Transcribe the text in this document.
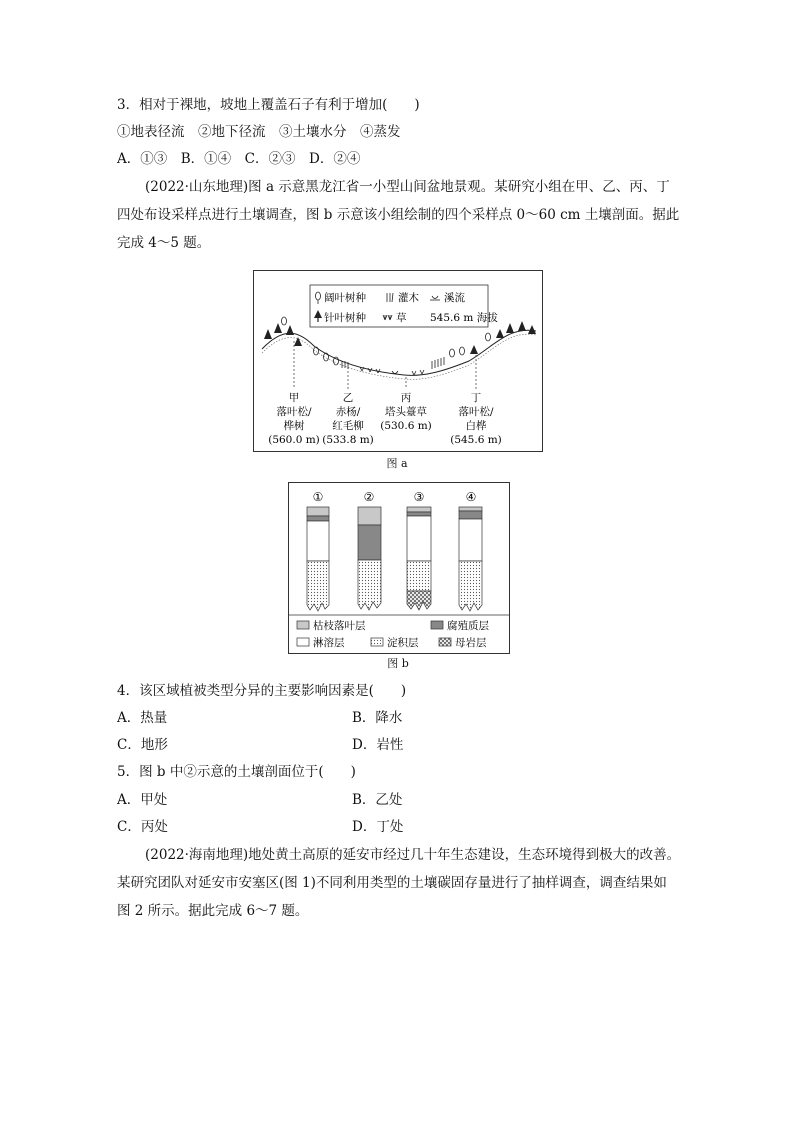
3．相对于裸地，坡地上覆盖石子有利于增加(　　)
①地表径流　②地下径流　③土壤水分　④蒸发
A．①③　B．①④　C．②③　D．②④
(2022·山东地理)图 a 示意黑龙江省一小型山间盆地景观。某研究小组在甲、乙、丙、丁
四处布设采样点进行土壤调查，图 b 示意该小组绘制的四个采样点 0～60 cm 土壤剖面。据此
完成 4～5 题。
阔叶树种	灌木 溪流
针叶树种	草 545.6 m 海拔
甲
落叶松/
桦树
(560.0 m)
乙
赤杨/
红毛柳
(533.8 m)
丙
塔头薹草
(530.6 m)
丁
落叶松/
白桦
(545.6 m)
图 a
①	②	③	④
枯枝落叶层	腐殖质层
淋溶层	淀积层	母岩层
图 b
4．该区域植被类型分异的主要影响因素是(　　)
A．热量	B．降水
C．地形	D．岩性
5．图 b 中②示意的土壤剖面位于(　　)
A．甲处	B．乙处
C．丙处	D．丁处
(2022·海南地理)地处黄土高原的延安市经过几十年生态建设，生态环境得到极大的改善。
某研究团队对延安市安塞区(图 1)不同利用类型的土壤碳固存量进行了抽样调查，调查结果如
图 2 所示。据此完成 6～7 题。
